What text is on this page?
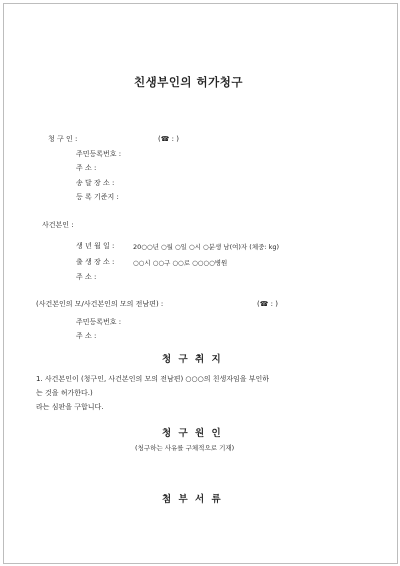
친생부인의 허가청구
청 구 인 :	(☎ : )
주민등록번호 :
주 소 :
송 달 장 소 :
등 록 기준지 :
사건본인 :
생 년 월 일 :	20○○년 ○월 ○일 ○시 ○분생 남(여)자 (체중: kg)
출 생 장 소 :	○○시 ○○구 ○○로 ○○○○병원
주 소 :
(사건본인의 모/사건본인의 모의 전남편) :	(☎ : )
주민등록번호 :
주 소 :
청 구 취 지
1. 사건본인이 (청구인, 사건본인의 모의 전남편) ○○○의 친생자임을 부인하
는 것을 허가한다.)
라는 심판을 구합니다.
청 구 원 인
(청구하는 사유를 구체적으로 기재)
첨 부 서 류
